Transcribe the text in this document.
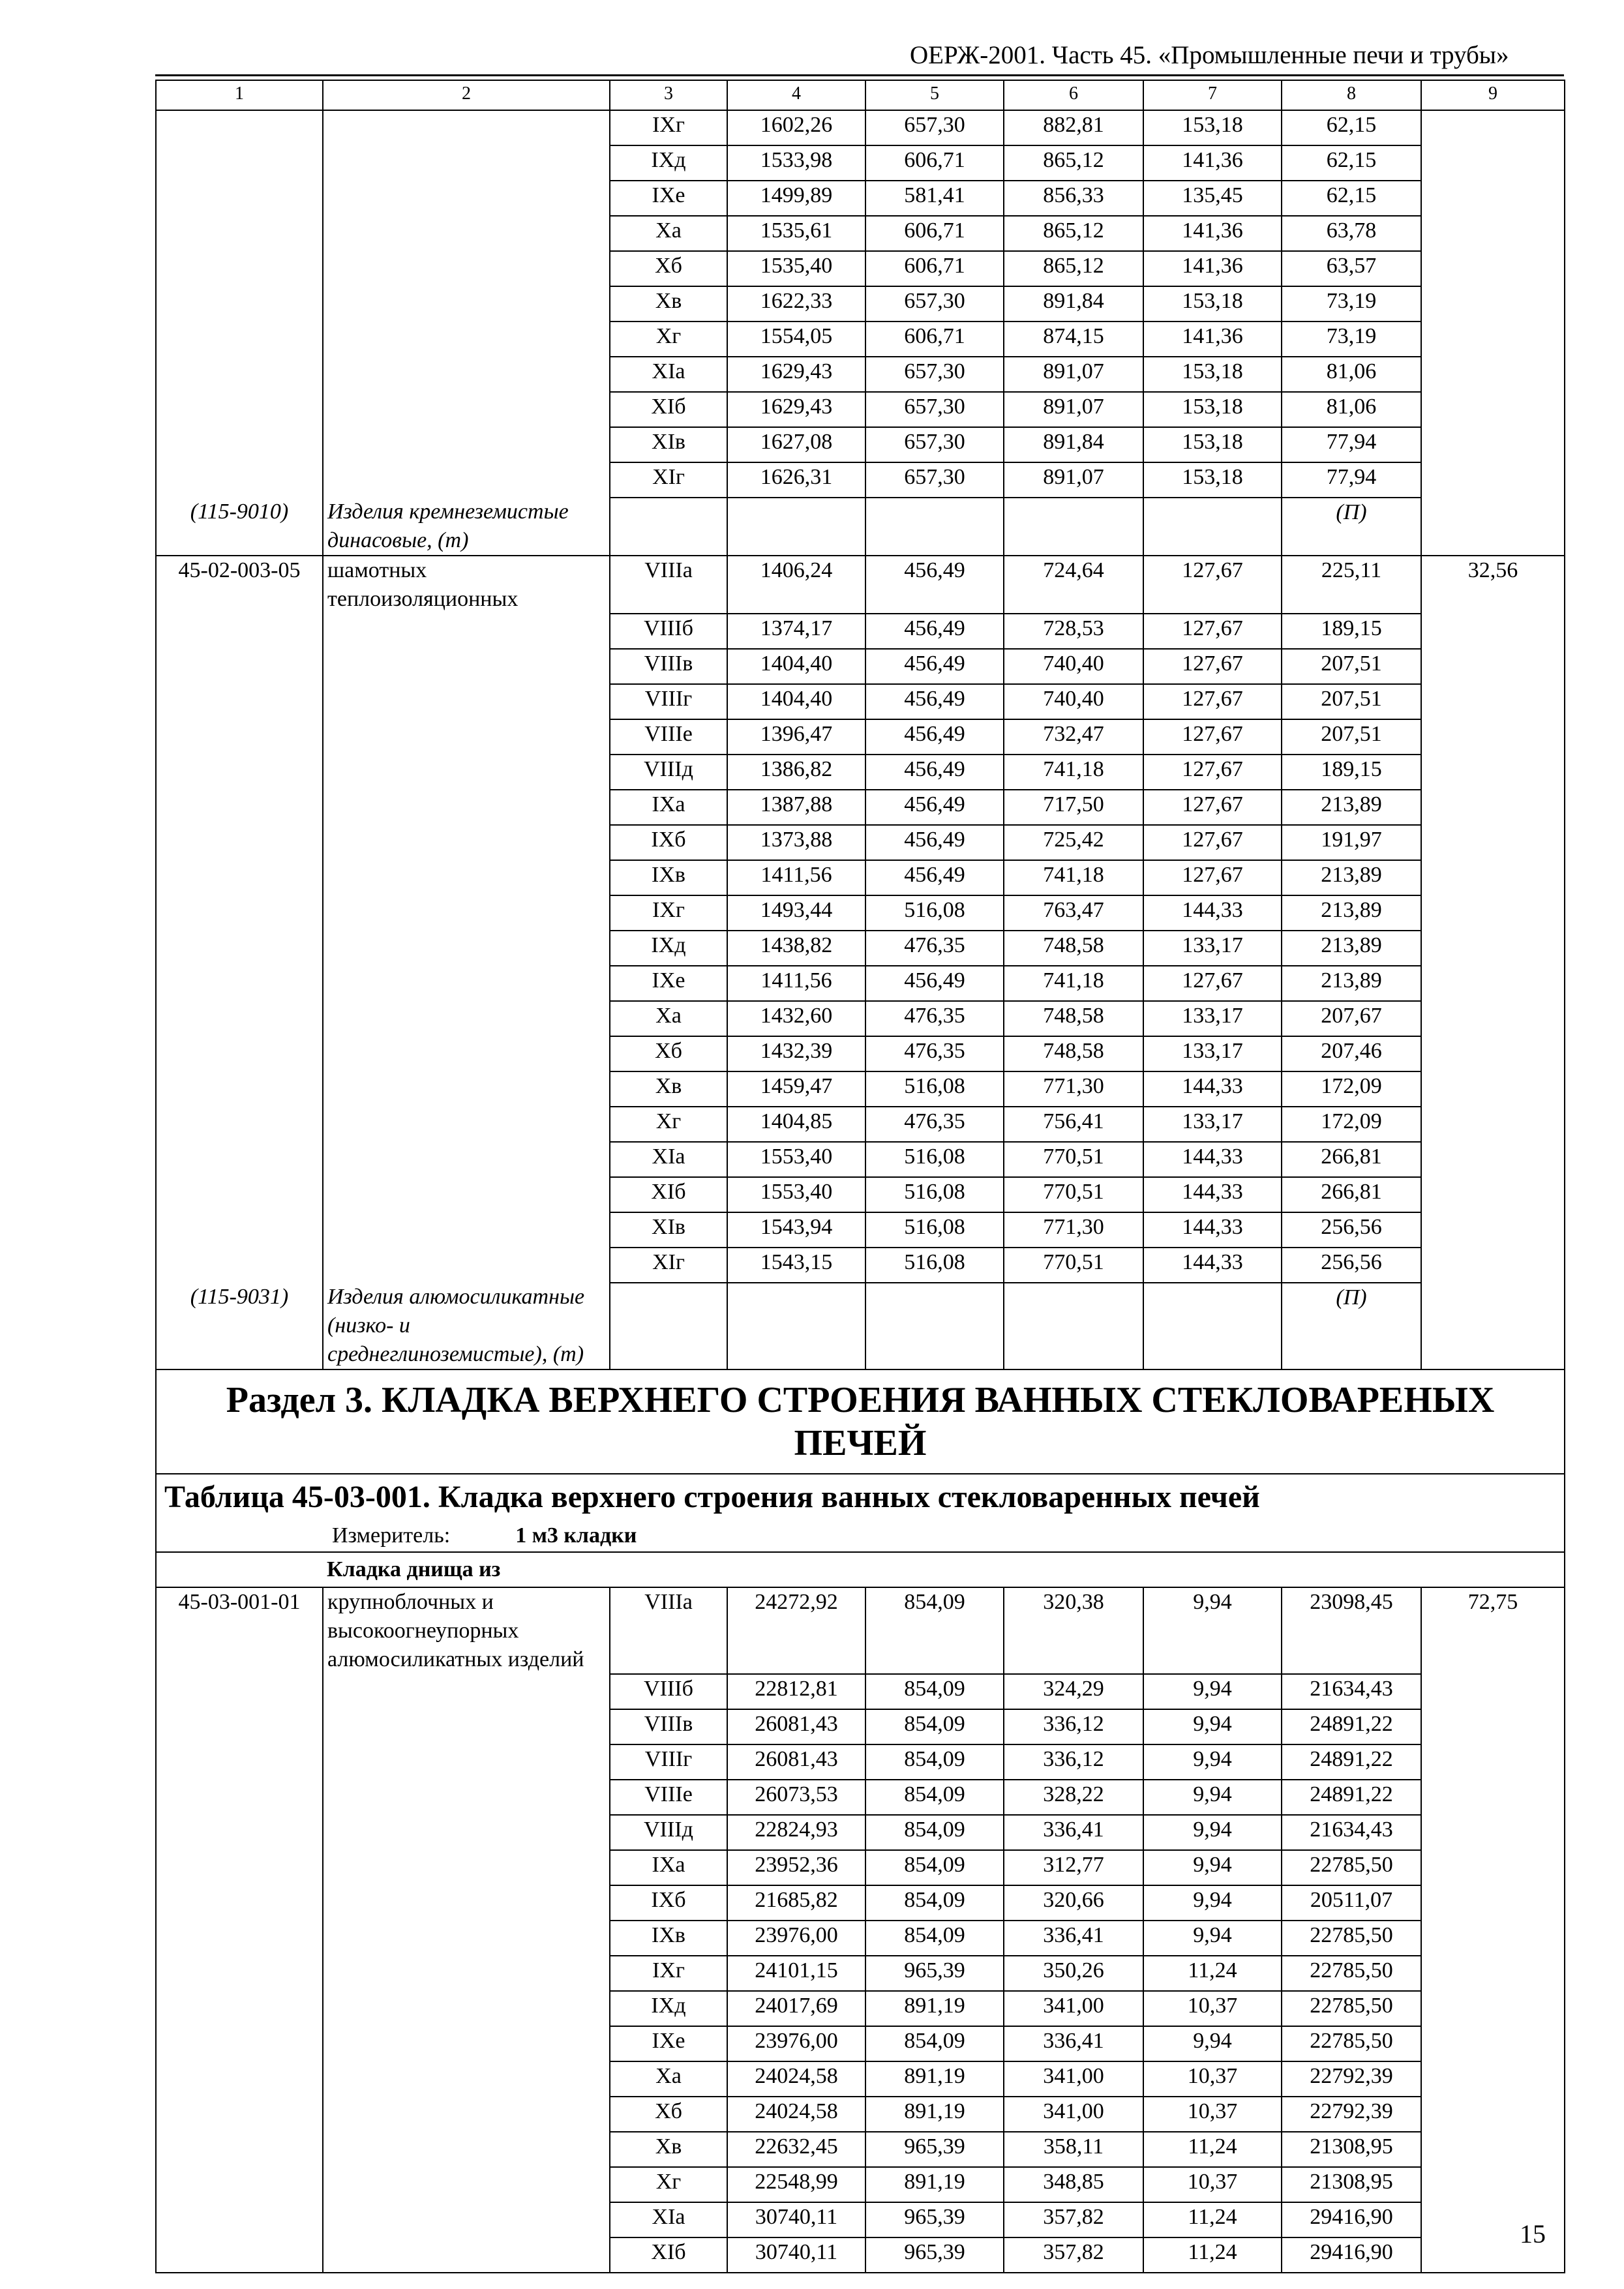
ОЕРЖ-2001. Часть 45. «Промышленные печи и трубы»
1	2	3	4	5	6	7	8	9
		IXг	1602,26	657,30	882,81	153,18	62,15	
		IXд	1533,98	606,71	865,12	141,36	62,15	
		IXе	1499,89	581,41	856,33	135,45	62,15	
		Xа	1535,61	606,71	865,12	141,36	63,78	
		Xб	1535,40	606,71	865,12	141,36	63,57	
		Xв	1622,33	657,30	891,84	153,18	73,19	
		Xг	1554,05	606,71	874,15	141,36	73,19	
		XIа	1629,43	657,30	891,07	153,18	81,06	
		XIб	1629,43	657,30	891,07	153,18	81,06	
		XIв	1627,08	657,30	891,84	153,18	77,94	
		XIг	1626,31	657,30	891,07	153,18	77,94	
(115-9010)	Изделия кремнеземистые динасовые, (т)						(П)	
45-02-003-05	шамотных теплоизоляционных	VIIIа	1406,24	456,49	724,64	127,67	225,11	32,56
		VIIIб	1374,17	456,49	728,53	127,67	189,15	
		VIIIв	1404,40	456,49	740,40	127,67	207,51	
		VIIIг	1404,40	456,49	740,40	127,67	207,51	
		VIIIе	1396,47	456,49	732,47	127,67	207,51	
		VIIIд	1386,82	456,49	741,18	127,67	189,15	
		IXа	1387,88	456,49	717,50	127,67	213,89	
		IXб	1373,88	456,49	725,42	127,67	191,97	
		IXв	1411,56	456,49	741,18	127,67	213,89	
		IXг	1493,44	516,08	763,47	144,33	213,89	
		IXд	1438,82	476,35	748,58	133,17	213,89	
		IXе	1411,56	456,49	741,18	127,67	213,89	
		Xа	1432,60	476,35	748,58	133,17	207,67	
		Xб	1432,39	476,35	748,58	133,17	207,46	
		Xв	1459,47	516,08	771,30	144,33	172,09	
		Xг	1404,85	476,35	756,41	133,17	172,09	
		XIа	1553,40	516,08	770,51	144,33	266,81	
		XIб	1553,40	516,08	770,51	144,33	266,81	
		XIв	1543,94	516,08	771,30	144,33	256,56	
		XIг	1543,15	516,08	770,51	144,33	256,56	
(115-9031)	Изделия алюмосиликатные (низко- и среднеглиноземистые), (т)						(П)	
Раздел 3. КЛАДКА ВЕРХНЕГО СТРОЕНИЯ ВАННЫХ СТЕКЛОВАРЕНЫХ ПЕЧЕЙ								
Таблица 45-03-001. Кладка верхнего строения ванных стекловаренных печей								
Измеритель: 1 м3 кладки								
	Кладка днища из							
45-03-001-01	крупноблочных и высокоогнеупорных алюмосиликатных изделий	VIIIа	24272,92	854,09	320,38	9,94	23098,45	72,75
		VIIIб	22812,81	854,09	324,29	9,94	21634,43	
		VIIIв	26081,43	854,09	336,12	9,94	24891,22	
		VIIIг	26081,43	854,09	336,12	9,94	24891,22	
		VIIIе	26073,53	854,09	328,22	9,94	24891,22	
		VIIIд	22824,93	854,09	336,41	9,94	21634,43	
		IXа	23952,36	854,09	312,77	9,94	22785,50	
		IXб	21685,82	854,09	320,66	9,94	20511,07	
		IXв	23976,00	854,09	336,41	9,94	22785,50	
		IXг	24101,15	965,39	350,26	11,24	22785,50	
		IXд	24017,69	891,19	341,00	10,37	22785,50	
		IXе	23976,00	854,09	336,41	9,94	22785,50	
		Xа	24024,58	891,19	341,00	10,37	22792,39	
		Xб	24024,58	891,19	341,00	10,37	22792,39	
		Xв	22632,45	965,39	358,11	11,24	21308,95	
		Xг	22548,99	891,19	348,85	10,37	21308,95	
		XIа	30740,11	965,39	357,82	11,24	29416,90	
		XIб	30740,11	965,39	357,82	11,24	29416,90	
15
